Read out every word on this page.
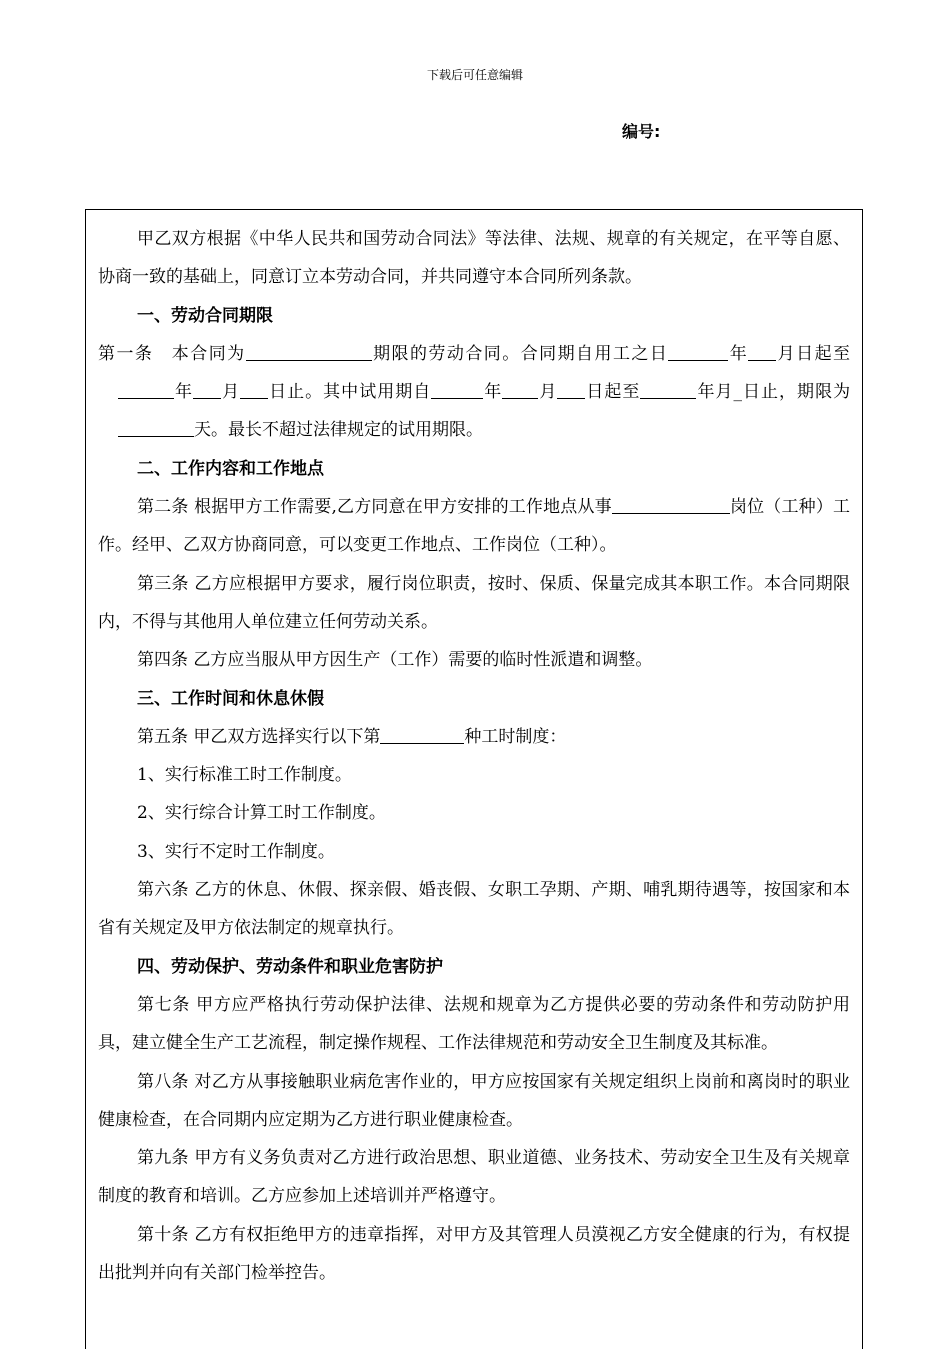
下载后可任意编辑
编号:

甲乙双方根据《中华人民共和国劳动合同法》等法律、法规、规章的有关规定，在平等自愿、协商一致的基础上，同意订立本劳动合同，并共同遵守本合同所列条款。

一、劳动合同期限

第一条　本合同为	期限的劳动合同。合同期自用工之日	年 月日起至年 月 日止。其中试用期自	年 月 日起至	年月_日止，期限为天。最长不超过法律规定的试用期限。

二、工作内容和工作地点

第二条 根据甲方工作需要,乙方同意在甲方安排的工作地点从事	岗位（工种）工作。经甲、乙双方协商同意，可以变更工作地点、工作岗位（工种）。

第三条 乙方应根据甲方要求，履行岗位职责，按时、保质、保量完成其本职工作。本合同期限内，不得与其他用人单位建立任何劳动关系。

第四条 乙方应当服从甲方因生产（工作）需要的临时性派遣和调整。

三、工作时间和休息休假

第五条 甲乙双方选择实行以下第	种工时制度：

1、实行标准工时工作制度。

2、实行综合计算工时工作制度。

3、实行不定时工作制度。

第六条 乙方的休息、休假、探亲假、婚丧假、女职工孕期、产期、哺乳期待遇等，按国家和本省有关规定及甲方依法制定的规章执行。

四、劳动保护、劳动条件和职业危害防护

第七条 甲方应严格执行劳动保护法律、法规和规章为乙方提供必要的劳动条件和劳动防护用具，建立健全生产工艺流程，制定操作规程、工作法律规范和劳动安全卫生制度及其标准。

第八条 对乙方从事接触职业病危害作业的，甲方应按国家有关规定组织上岗前和离岗时的职业健康检查，在合同期内应定期为乙方进行职业健康检查。

第九条 甲方有义务负责对乙方进行政治思想、职业道德、业务技术、劳动安全卫生及有关规章制度的教育和培训。乙方应参加上述培训并严格遵守。

第十条 乙方有权拒绝甲方的违章指挥，对甲方及其管理人员漠视乙方安全健康的行为，有权提出批判并向有关部门检举控告。
